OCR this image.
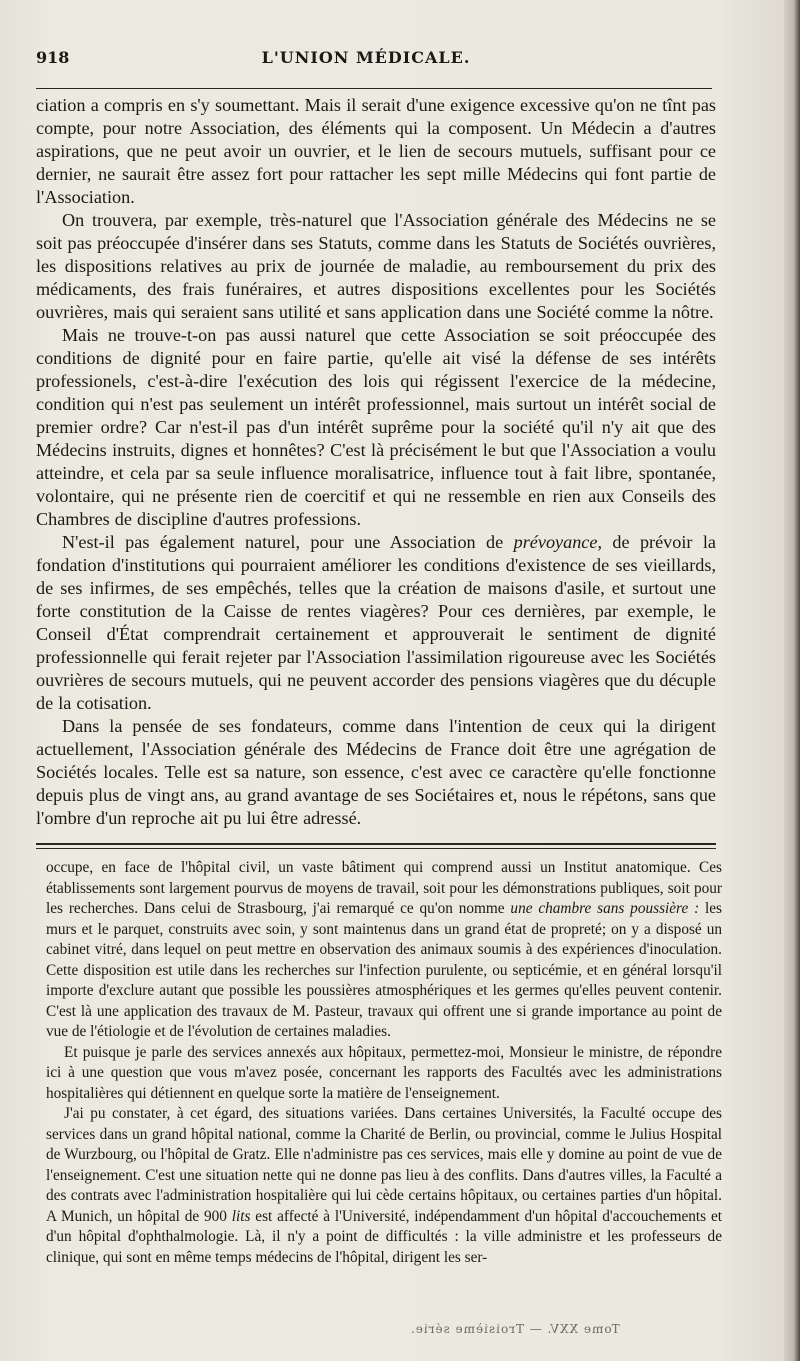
918	L'UNION MÉDICALE.

ciation a compris en s'y soumettant. Mais il serait d'une exigence excessive qu'on ne tînt pas compte, pour notre Association, des éléments qui la composent. Un Médecin a d'autres aspirations, que ne peut avoir un ouvrier, et le lien de secours mutuels, suffisant pour ce dernier, ne saurait être assez fort pour rattacher les sept mille Médecins qui font partie de l'Association.

On trouvera, par exemple, très-naturel que l'Association générale des Médecins ne se soit pas préoccupée d'insérer dans ses Statuts, comme dans les Statuts de Sociétés ouvrières, les dispositions relatives au prix de journée de maladie, au remboursement du prix des médicaments, des frais funéraires, et autres dispositions excellentes pour les Sociétés ouvrières, mais qui seraient sans utilité et sans application dans une Société comme la nôtre.

Mais ne trouve-t-on pas aussi naturel que cette Association se soit préoccupée des conditions de dignité pour en faire partie, qu'elle ait visé la défense de ses intérêts professionels, c'est-à-dire l'exécution des lois qui régissent l'exercice de la médecine, condition qui n'est pas seulement un intérêt professionnel, mais surtout un intérêt social de premier ordre? Car n'est-il pas d'un intérêt suprême pour la société qu'il n'y ait que des Médecins instruits, dignes et honnêtes? C'est là précisément le but que l'Association a voulu atteindre, et cela par sa seule influence moralisatrice, influence tout à fait libre, spontanée, volontaire, qui ne présente rien de coercitif et qui ne ressemble en rien aux Conseils des Chambres de discipline d'autres professions.

N'est-il pas également naturel, pour une Association de prévoyance, de prévoir la fondation d'institutions qui pourraient améliorer les conditions d'existence de ses vieillards, de ses infirmes, de ses empêchés, telles que la création de maisons d'asile, et surtout une forte constitution de la Caisse de rentes viagères? Pour ces dernières, par exemple, le Conseil d'État comprendrait certainement et approuverait le sentiment de dignité professionnelle qui ferait rejeter par l'Association l'assimilation rigoureuse avec les Sociétés ouvrières de secours mutuels, qui ne peuvent accorder des pensions viagères que du décuple de la cotisation.

Dans la pensée de ses fondateurs, comme dans l'intention de ceux qui la dirigent actuellement, l'Association générale des Médecins de France doit être une agrégation de Sociétés locales. Telle est sa nature, son essence, c'est avec ce caractère qu'elle fonctionne depuis plus de vingt ans, au grand avantage de ses Sociétaires et, nous le répétons, sans que l'ombre d'un reproche ait pu lui être adressé.

occupe, en face de l'hôpital civil, un vaste bâtiment qui comprend aussi un Institut anatomique. Ces établissements sont largement pourvus de moyens de travail, soit pour les démonstrations publiques, soit pour les recherches. Dans celui de Strasbourg, j'ai remarqué ce qu'on nomme une chambre sans poussière : les murs et le parquet, construits avec soin, y sont maintenus dans un grand état de propreté; on y a disposé un cabinet vitré, dans lequel on peut mettre en observation des animaux soumis à des expériences d'inoculation. Cette disposition est utile dans les recherches sur l'infection purulente, ou septicémie, et en général lorsqu'il importe d'exclure autant que possible les poussières atmosphériques et les germes qu'elles peuvent contenir. C'est là une application des travaux de M. Pasteur, travaux qui offrent une si grande importance au point de vue de l'étiologie et de l'évolution de certaines maladies.

Et puisque je parle des services annexés aux hôpitaux, permettez-moi, Monsieur le ministre, de répondre ici à une question que vous m'avez posée, concernant les rapports des Facultés avec les administrations hospitalières qui détiennent en quelque sorte la matière de l'enseignement.

J'ai pu constater, à cet égard, des situations variées. Dans certaines Universités, la Faculté occupe des services dans un grand hôpital national, comme la Charité de Berlin, ou provincial, comme le Julius Hospital de Wurzbourg, ou l'hôpital de Gratz. Elle n'administre pas ces services, mais elle y domine au point de vue de l'enseignement. C'est une situation nette qui ne donne pas lieu à des conflits. Dans d'autres villes, la Faculté a des contrats avec l'administration hospitalière qui lui cède certains hôpitaux, ou certaines parties d'un hôpital. A Munich, un hôpital de 900 lits est affecté à l'Université, indépendamment d'un hôpital d'accouchements et d'un hôpital d'ophthalmologie. Là, il n'y a point de difficultés : la ville administre et les professeurs de clinique, qui sont en même temps médecins de l'hôpital, dirigent les ser-

Tome XXV. — Troisième série.
